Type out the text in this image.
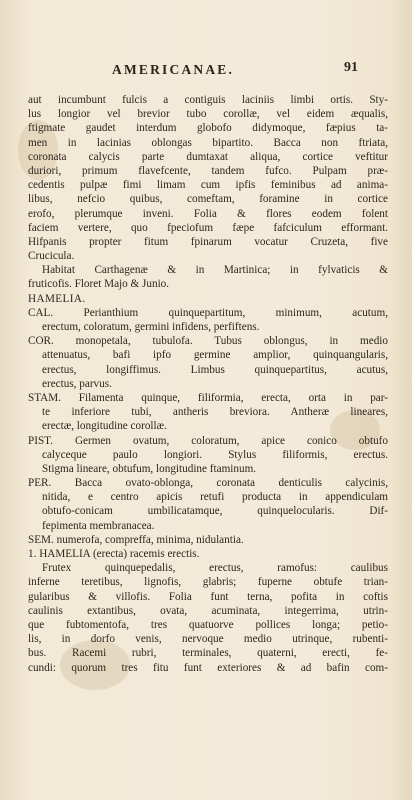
AMERICANAE.	91
aut incumbunt fulcis a contiguis laciniis limbi ortis. Sty-
lus longior vel brevior tubo corollæ, vel eidem æqualis,
ftigmate gaudet interdum globofo didymoque, fæpius ta-
men in lacinias oblongas bipartito. Bacca non ftriata,
coronata calycis parte dumtaxat aliqua, cortice veftitur
duriori, primum flavefcente, tandem fufco. Pulpam præ-
cedentis pulpæ fimi limam cum ipfis feminibus ad anima-
libus, nefcio quibus, comeftam, foramine in cortice
erofo, plerumque inveni. Folia & flores eodem folent
faciem vertere, quo fpeciofum fæpe fafciculum efformant.
Hifpanis propter fitum fpinarum vocatur Cruzeta, five
Crucicula.
Habitat Carthagenæ & in Martinica; in fylvaticis &
fruticofis. Floret Majo & Junio.
HAMELIA.
CAL. Perianthium quinquepartitum, minimum, acutum,
erectum, coloratum, germini infidens, perfiftens.
COR. monopetala, tubulofa. Tubus oblongus, in medio
attenuatus, bafi ipfo germine amplior, quinquangularis,
erectus, longiffimus. Limbus quinquepartitus, acutus,
erectus, parvus.
STAM. Filamenta quinque, filiformia, erecta, orta in par-
te inferiore tubi, antheris breviora. Antheræ lineares,
erectæ, longitudine corollæ.
PIST. Germen ovatum, coloratum, apice conico obtufo
calyceque paulo longiori. Stylus filiformis, erectus.
Stigma lineare, obtufum, longitudine ftaminum.
PER. Bacca ovato-oblonga, coronata denticulis calycinis,
nitida, e centro apicis retufi producta in appendiculam
obtufo-conicam umbilicatamque, quinquelocularis. Dif-
fepimenta membranacea.
SEM. numerofa, compreffa, minima, nidulantia.
1. HAMELIA (erecta) racemis erectis.
Frutex quinquepedalis, erectus, ramofus: caulibus
inferne teretibus, lignofis, glabris; fuperne obtufe trian-
gularibus & villofis. Folia funt terna, pofita in coftis
caulinis extantibus, ovata, acuminata, integerrima, utrin-
que fubtomentofa, tres quatuorve pollices longa; petio-
lis, in dorfo venis, nervoque medio utrinque, rubenti-
bus. Racemi rubri, terminales, quaterni, erecti, fe-
cundi: quorum tres fitu funt exteriores & ad bafin com-
